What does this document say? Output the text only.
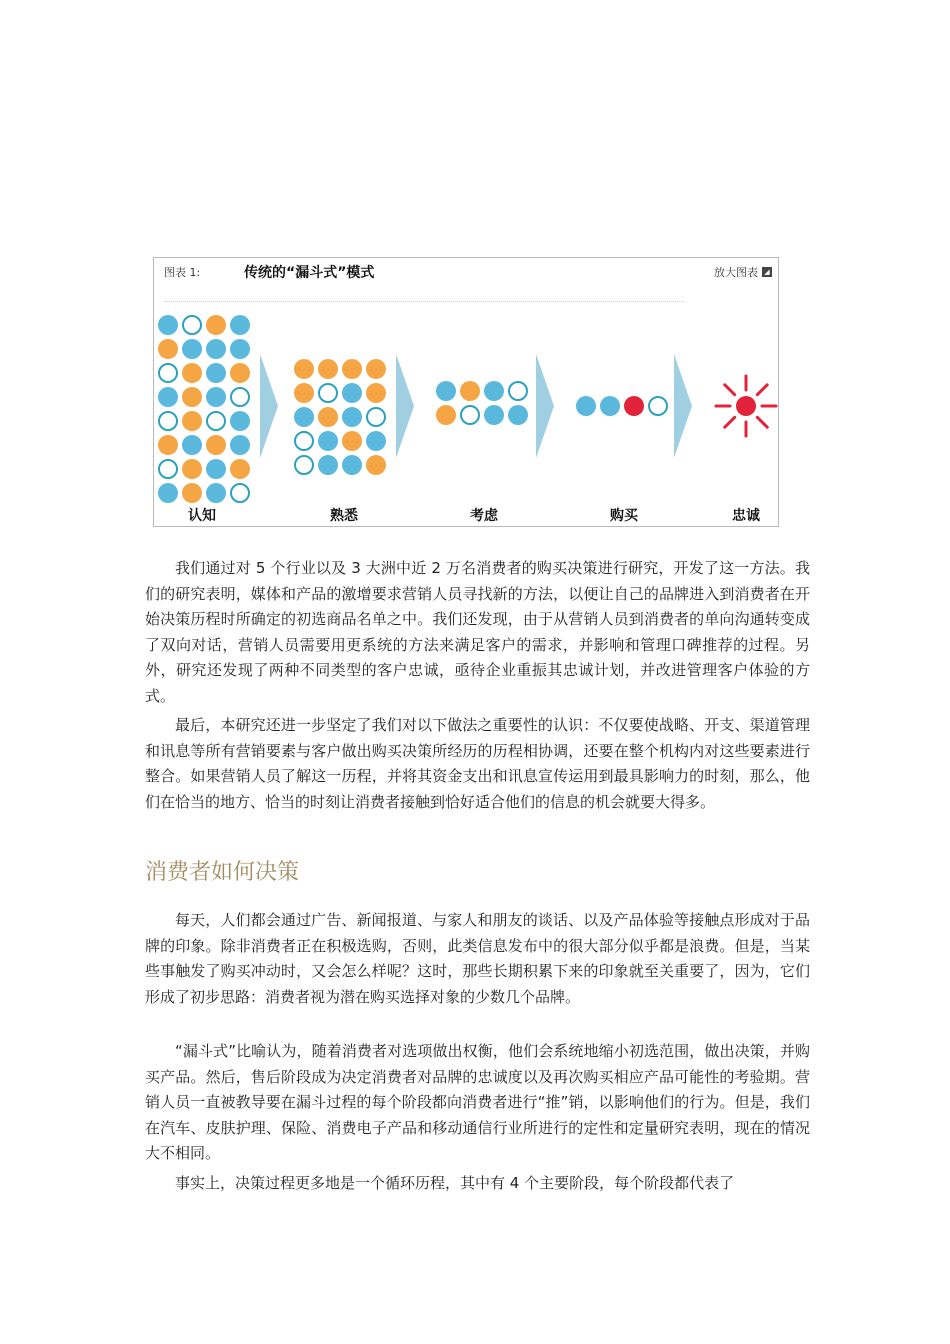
图表 1:	传统的“漏斗式”模式	放大图表 ◢
认知	熟悉	考虑	购买	忠诚

我们通过对 5 个行业以及 3 大洲中近 2 万名消费者的购买决策进行研究，开发了这一方法。我们的研究表明，媒体和产品的激增要求营销人员寻找新的方法，以便让自己的品牌进入到消费者在开始决策历程时所确定的初选商品名单之中。我们还发现，由于从营销人员到消费者的单向沟通转变成了双向对话，营销人员需要用更系统的方法来满足客户的需求，并影响和管理口碑推荐的过程。另外，研究还发现了两种不同类型的客户忠诚，亟待企业重振其忠诚计划，并改进管理客户体验的方式。

最后，本研究还进一步坚定了我们对以下做法之重要性的认识：不仅要使战略、开支、渠道管理和讯息等所有营销要素与客户做出购买决策所经历的历程相协调，还要在整个机构内对这些要素进行整合。如果营销人员了解这一历程，并将其资金支出和讯息宣传运用到最具影响力的时刻，那么，他们在恰当的地方、恰当的时刻让消费者接触到恰好适合他们的信息的机会就要大得多。

消费者如何决策

每天，人们都会通过广告、新闻报道、与家人和朋友的谈话、以及产品体验等接触点形成对于品牌的印象。除非消费者正在积极选购，否则，此类信息发布中的很大部分似乎都是浪费。但是，当某些事触发了购买冲动时，又会怎么样呢？这时，那些长期积累下来的印象就至关重要了，因为，它们形成了初步思路：消费者视为潜在购买选择对象的少数几个品牌。

“漏斗式”比喻认为，随着消费者对选项做出权衡，他们会系统地缩小初选范围，做出决策，并购买产品。然后，售后阶段成为决定消费者对品牌的忠诚度以及再次购买相应产品可能性的考验期。营销人员一直被教导要在漏斗过程的每个阶段都向消费者进行“推”销，以影响他们的行为。但是，我们在汽车、皮肤护理、保险、消费电子产品和移动通信行业所进行的定性和定量研究表明，现在的情况大不相同。

事实上，决策过程更多地是一个循环历程，其中有 4 个主要阶段，每个阶段都代表了
